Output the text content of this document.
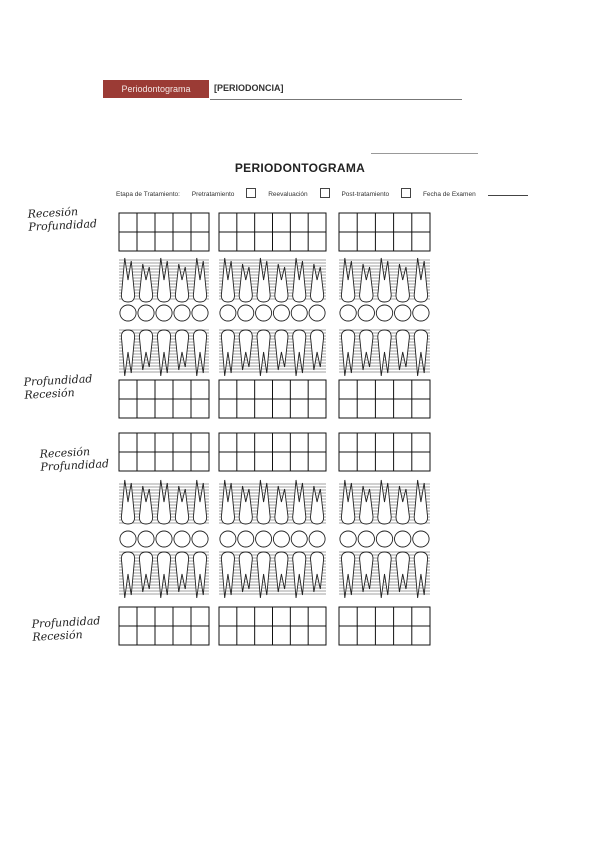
Periodontograma	[PERIODONCIA]
PERIODONTOGRAMA
Etapa de Tratamiento: Pretratamiento	Reevaluación	Post-tratamiento	Fecha de Examen
Recesión
Profundidad
Profundidad
Recesión
Recesión
Profundidad
Profundidad
Recesión
